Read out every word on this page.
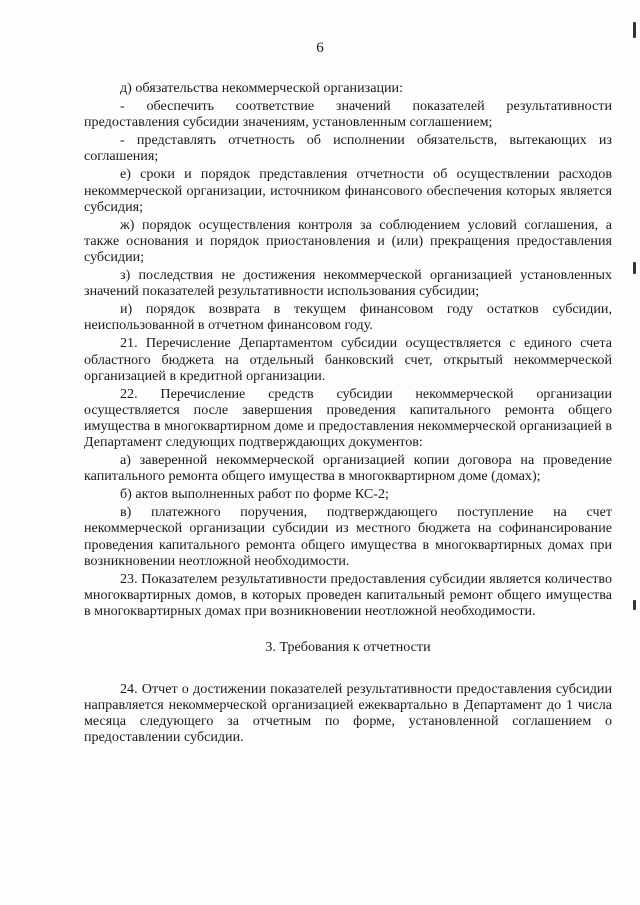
6

д) обязательства некоммерческой организации:

- обеспечить соответствие значений показателей результативности предоставления субсидии значениям, установленным соглашением;

- представлять отчетность об исполнении обязательств, вытекающих из соглашения;

е) сроки и порядок представления отчетности об осуществлении расходов некоммерческой организации, источником финансового обеспечения которых является субсидия;

ж) порядок осуществления контроля за соблюдением условий соглашения, а также основания и порядок приостановления и (или) прекращения предоставления субсидии;

з) последствия не достижения некоммерческой организацией установленных значений показателей результативности использования субсидии;

и) порядок возврата в текущем финансовом году остатков субсидии, неиспользованной в отчетном финансовом году.

21. Перечисление Департаментом субсидии осуществляется с единого счета областного бюджета на отдельный банковский счет, открытый некоммерческой организацией в кредитной организации.

22. Перечисление средств субсидии некоммерческой организации осуществляется после завершения проведения капитального ремонта общего имущества в многоквартирном доме и предоставления некоммерческой организацией в Департамент следующих подтверждающих документов:

а) заверенной некоммерческой организацией копии договора на проведение капитального ремонта общего имущества в многоквартирном доме (домах);

б) актов выполненных работ по форме КС-2;

в) платежного поручения, подтверждающего поступление на счет некоммерческой организации субсидии из местного бюджета на софинансирование проведения капитального ремонта общего имущества в многоквартирных домах при возникновении неотложной необходимости.

23. Показателем результативности предоставления субсидии является количество многоквартирных домов, в которых проведен капитальный ремонт общего имущества в многоквартирных домах при возникновении неотложной необходимости.

3. Требования к отчетности

24. Отчет о достижении показателей результативности предоставления субсидии направляется некоммерческой организацией ежеквартально в Департамент до 1 числа месяца следующего за отчетным по форме, установленной соглашением о предоставлении субсидии.
